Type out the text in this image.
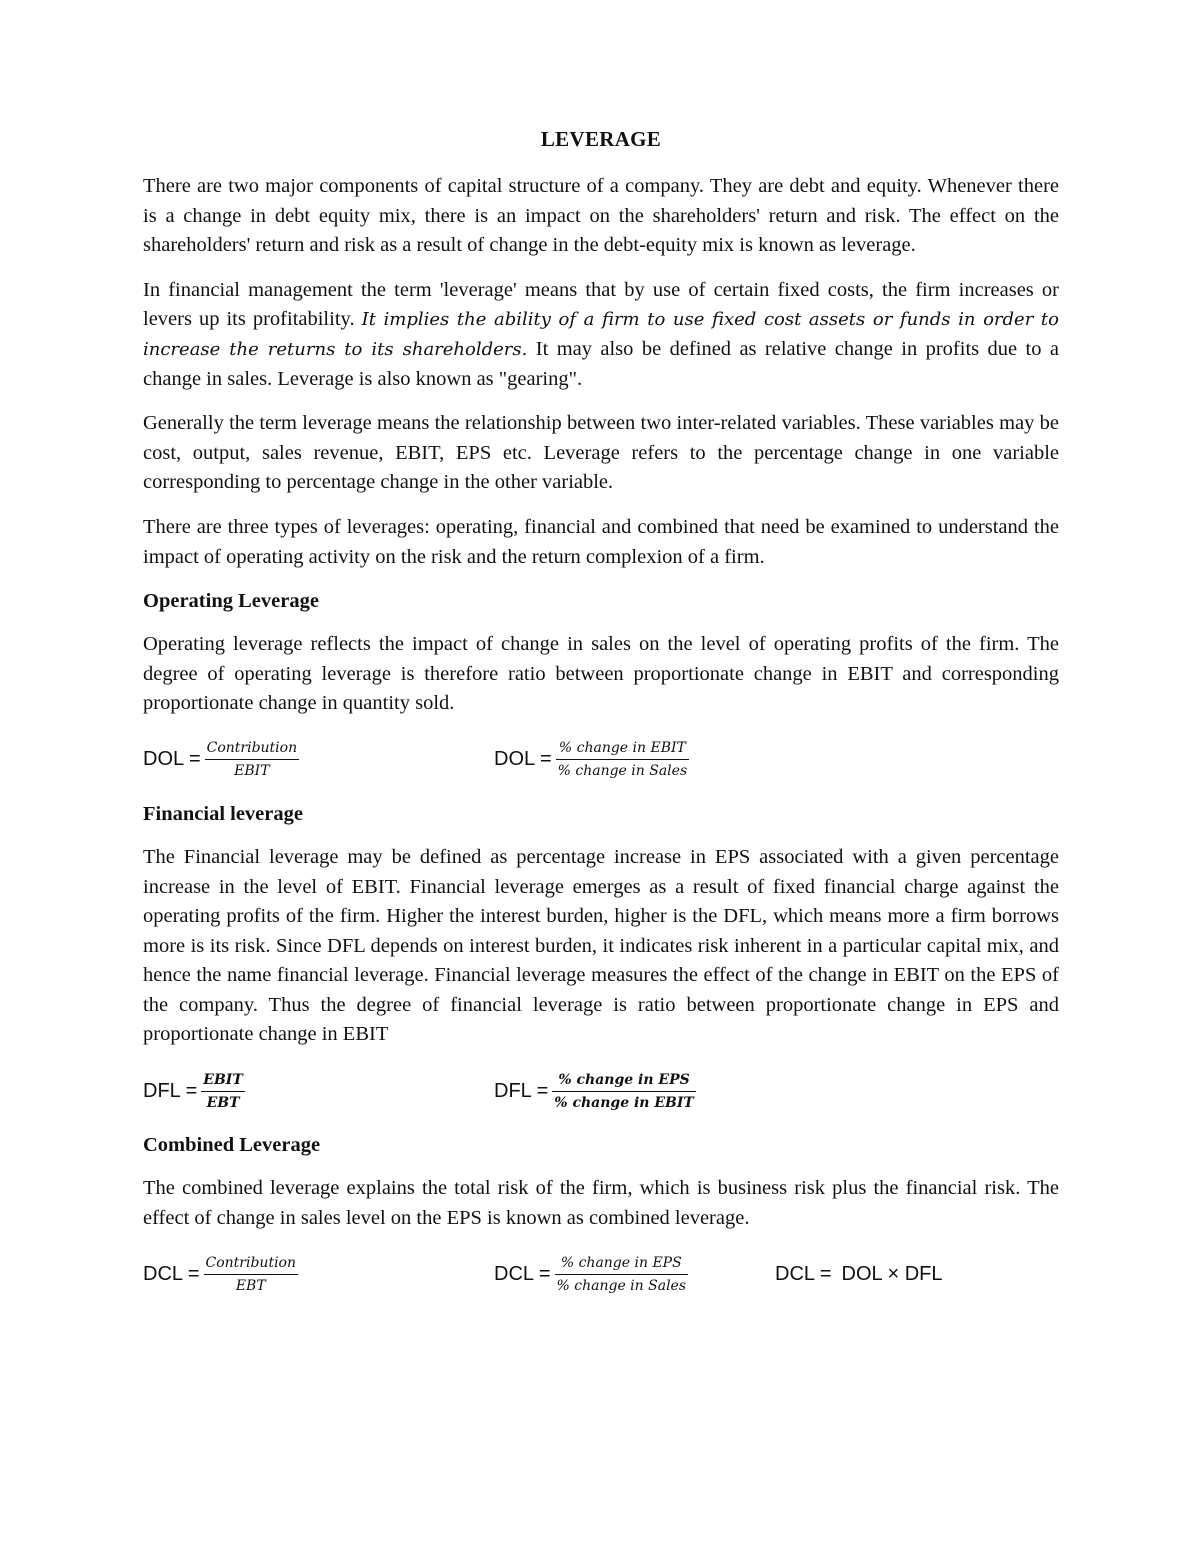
LEVERAGE

There are two major components of capital structure of a company. They are debt and equity. Whenever there is a change in debt equity mix, there is an impact on the shareholders' return and risk. The effect on the shareholders' return and risk as a result of change in the debt-equity mix is known as leverage.

In financial management the term 'leverage' means that by use of certain fixed costs, the firm increases or levers up its profitability. It implies the ability of a firm to use fixed cost assets or funds in order to increase the returns to its shareholders. It may also be defined as relative change in profits due to a change in sales. Leverage is also known as "gearing".

Generally the term leverage means the relationship between two inter-related variables. These variables may be cost, output, sales revenue, EBIT, EPS etc. Leverage refers to the percentage change in one variable corresponding to percentage change in the other variable.

There are three types of leverages: operating, financial and combined that need be examined to understand the impact of operating activity on the risk and the return complexion of a firm.

Operating Leverage

Operating leverage reflects the impact of change in sales on the level of operating profits of the firm. The degree of operating leverage is therefore ratio between proportionate change in EBIT and corresponding proportionate change in quantity sold.

DOL = $\frac{\text{Contribution}}{\text{EBIT}}$	DOL = $\frac{\text{\% change in EBIT}}{\text{\% change in Sales}}$
Financial leverage

The Financial leverage may be defined as percentage increase in EPS associated with a given percentage increase in the level of EBIT. Financial leverage emerges as a result of fixed financial charge against the operating profits of the firm. Higher the interest burden, higher is the DFL, which means more a firm borrows more is its risk. Since DFL depends on interest burden, it indicates risk inherent in a particular capital mix, and hence the name financial leverage. Financial leverage measures the effect of the change in EBIT on the EPS of the company. Thus the degree of financial leverage is ratio between proportionate change in EPS and proportionate change in EBIT

DFL = $\frac{\text{EBIT}}{\text{EBT}}$	DFL = $\frac{\text{\% change in EPS}}{\text{\% change in EBIT}}$
Combined Leverage

The combined leverage explains the total risk of the firm, which is business risk plus the financial risk. The effect of change in sales level on the EPS is known as combined leverage.

DCL = $\frac{\text{Contribution}}{\text{EBT}}$	DCL = $\frac{\text{\% change in EPS}}{\text{\% change in Sales}}$	DCL = DOL × DFL
